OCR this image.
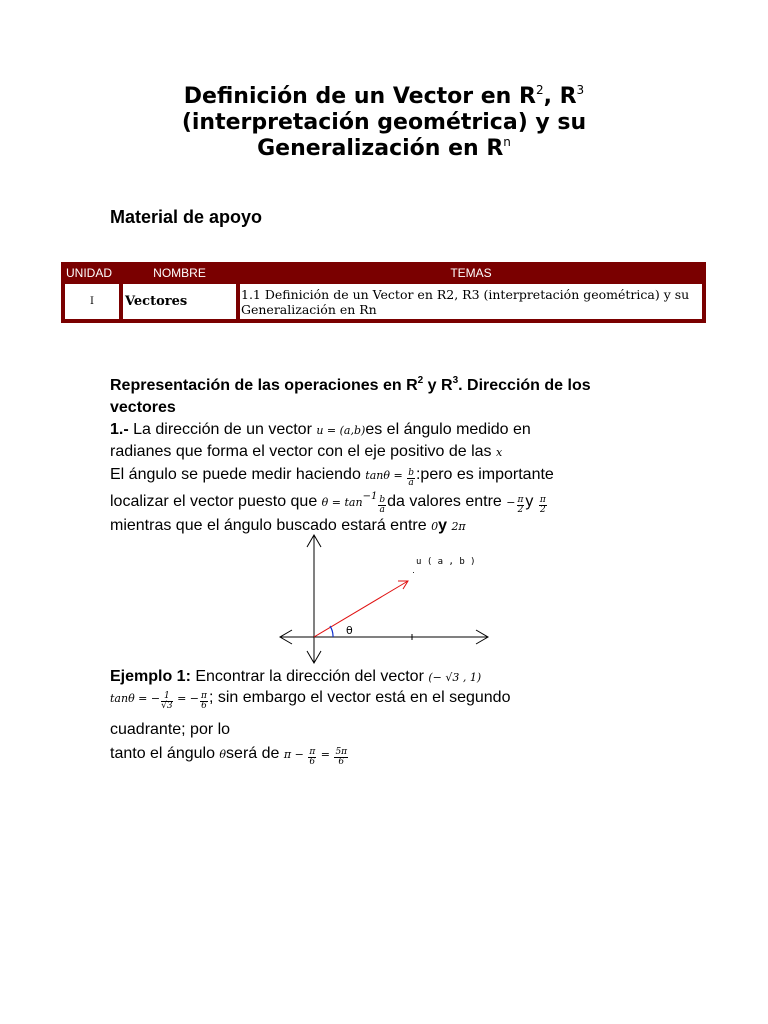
Definición de un Vector en $R^2$, $R^3$
(interpretación geométrica) y su
Generalización en $R^n$
Material de apoyo
UNIDAD	NOMBRE	TEMAS
I	Vectores	1.1 Definición de un Vector en R2, R3 (interpretación geométrica) y su Generalización en Rn
Representación de las operaciones en $R^2$ y $R^3$. Dirección de los
vectores
1.- La dirección de un vector u = (a,b)es el ángulo medido en
radianes que forma el vector con el eje positivo de las x
El ángulo se puede medir haciendo $\tan\theta = \frac{b}{a}$ :pero es importante
localizar el vector puesto que $\theta = \tan^{-1} \frac{b}{a}$ da valores entre − $\frac{\pi}{2}$ y $\frac{\pi}{2}$
mientras que el ángulo buscado estará entre 0y 2π
u ( a , b )
·
θ
Ejemplo 1: Encontrar la dirección del vector (− √3 , 1)
tanθ = − $\frac{1}{√3}$ = − $\frac{\pi}{6}$ ; sin embargo el vector está en el segundo
cuadrante; por lo
tanto el ángulo θserá de $\pi - \frac{\pi}{6} = \frac{5\pi}{6}$
